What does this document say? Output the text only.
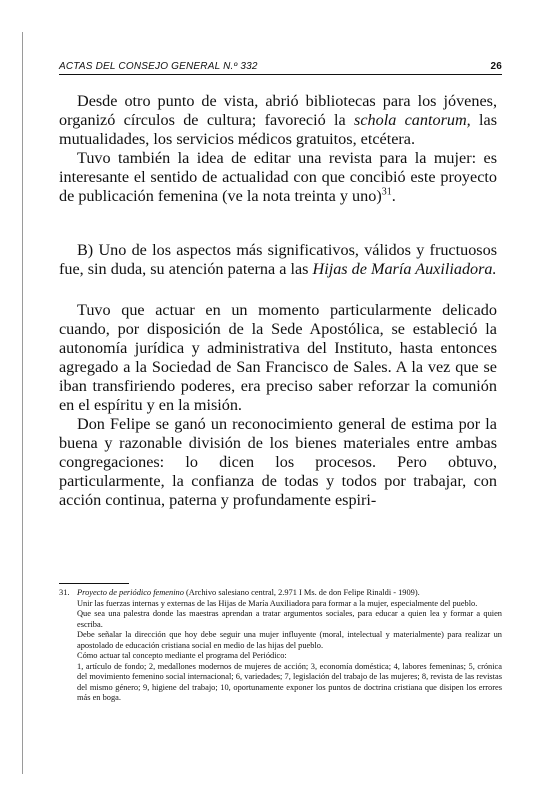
ACTAS DEL CONSEJO GENERAL N.º 332	26

Desde otro punto de vista, abrió bibliotecas para los jóvenes, organizó círculos de cultura; favoreció la schola cantorum, las mutualidades, los servicios médicos gratuitos, etcétera.

Tuvo también la idea de editar una revista para la mujer: es interesante el sentido de actualidad con que concibió este proyecto de publicación femenina (ve la nota treinta y uno)$^{31}$.

B) Uno de los aspectos más significativos, válidos y fructuosos fue, sin duda, su atención paterna a las Hijas de María Auxiliadora.

Tuvo que actuar en un momento particularmente delicado cuando, por disposición de la Sede Apostólica, se estableció la autonomía jurídica y administrativa del Instituto, hasta entonces agregado a la Sociedad de San Francisco de Sales. A la vez que se iban transfiriendo poderes, era preciso saber reforzar la comunión en el espíritu y en la misión.

Don Felipe se ganó un reconocimiento general de estima por la buena y razonable división de los bienes materiales entre ambas congregaciones: lo dicen los procesos. Pero obtuvo, particularmente, la confianza de todas y todos por trabajar, con acción continua, paterna y profundamente espiri-

31. Proyecto de periódico femenino (Archivo salesiano central, 2.971 I Ms. de don Felipe Rinaldi - 1909).

Unir las fuerzas internas y externas de las Hijas de María Auxiliadora para formar a la mujer, especialmente del pueblo.

Que sea una palestra donde las maestras aprendan a tratar argumentos sociales, para educar a quien lea y formar a quien escriba.

Debe señalar la dirección que hoy debe seguir una mujer influyente (moral, intelectual y materialmente) para realizar un apostolado de educación cristiana social en medio de las hijas del pueblo.

Cómo actuar tal concepto mediante el programa del Periódico:

1, artículo de fondo; 2, medallones modernos de mujeres de acción; 3, economía doméstica; 4, labores femeninas; 5, crónica del movimiento femenino social internacional; 6, variedades; 7, legislación del trabajo de las mujeres; 8, revista de las revistas del mismo género; 9, higiene del trabajo; 10, oportunamente exponer los puntos de doctrina cristiana que disipen los errores más en boga.
